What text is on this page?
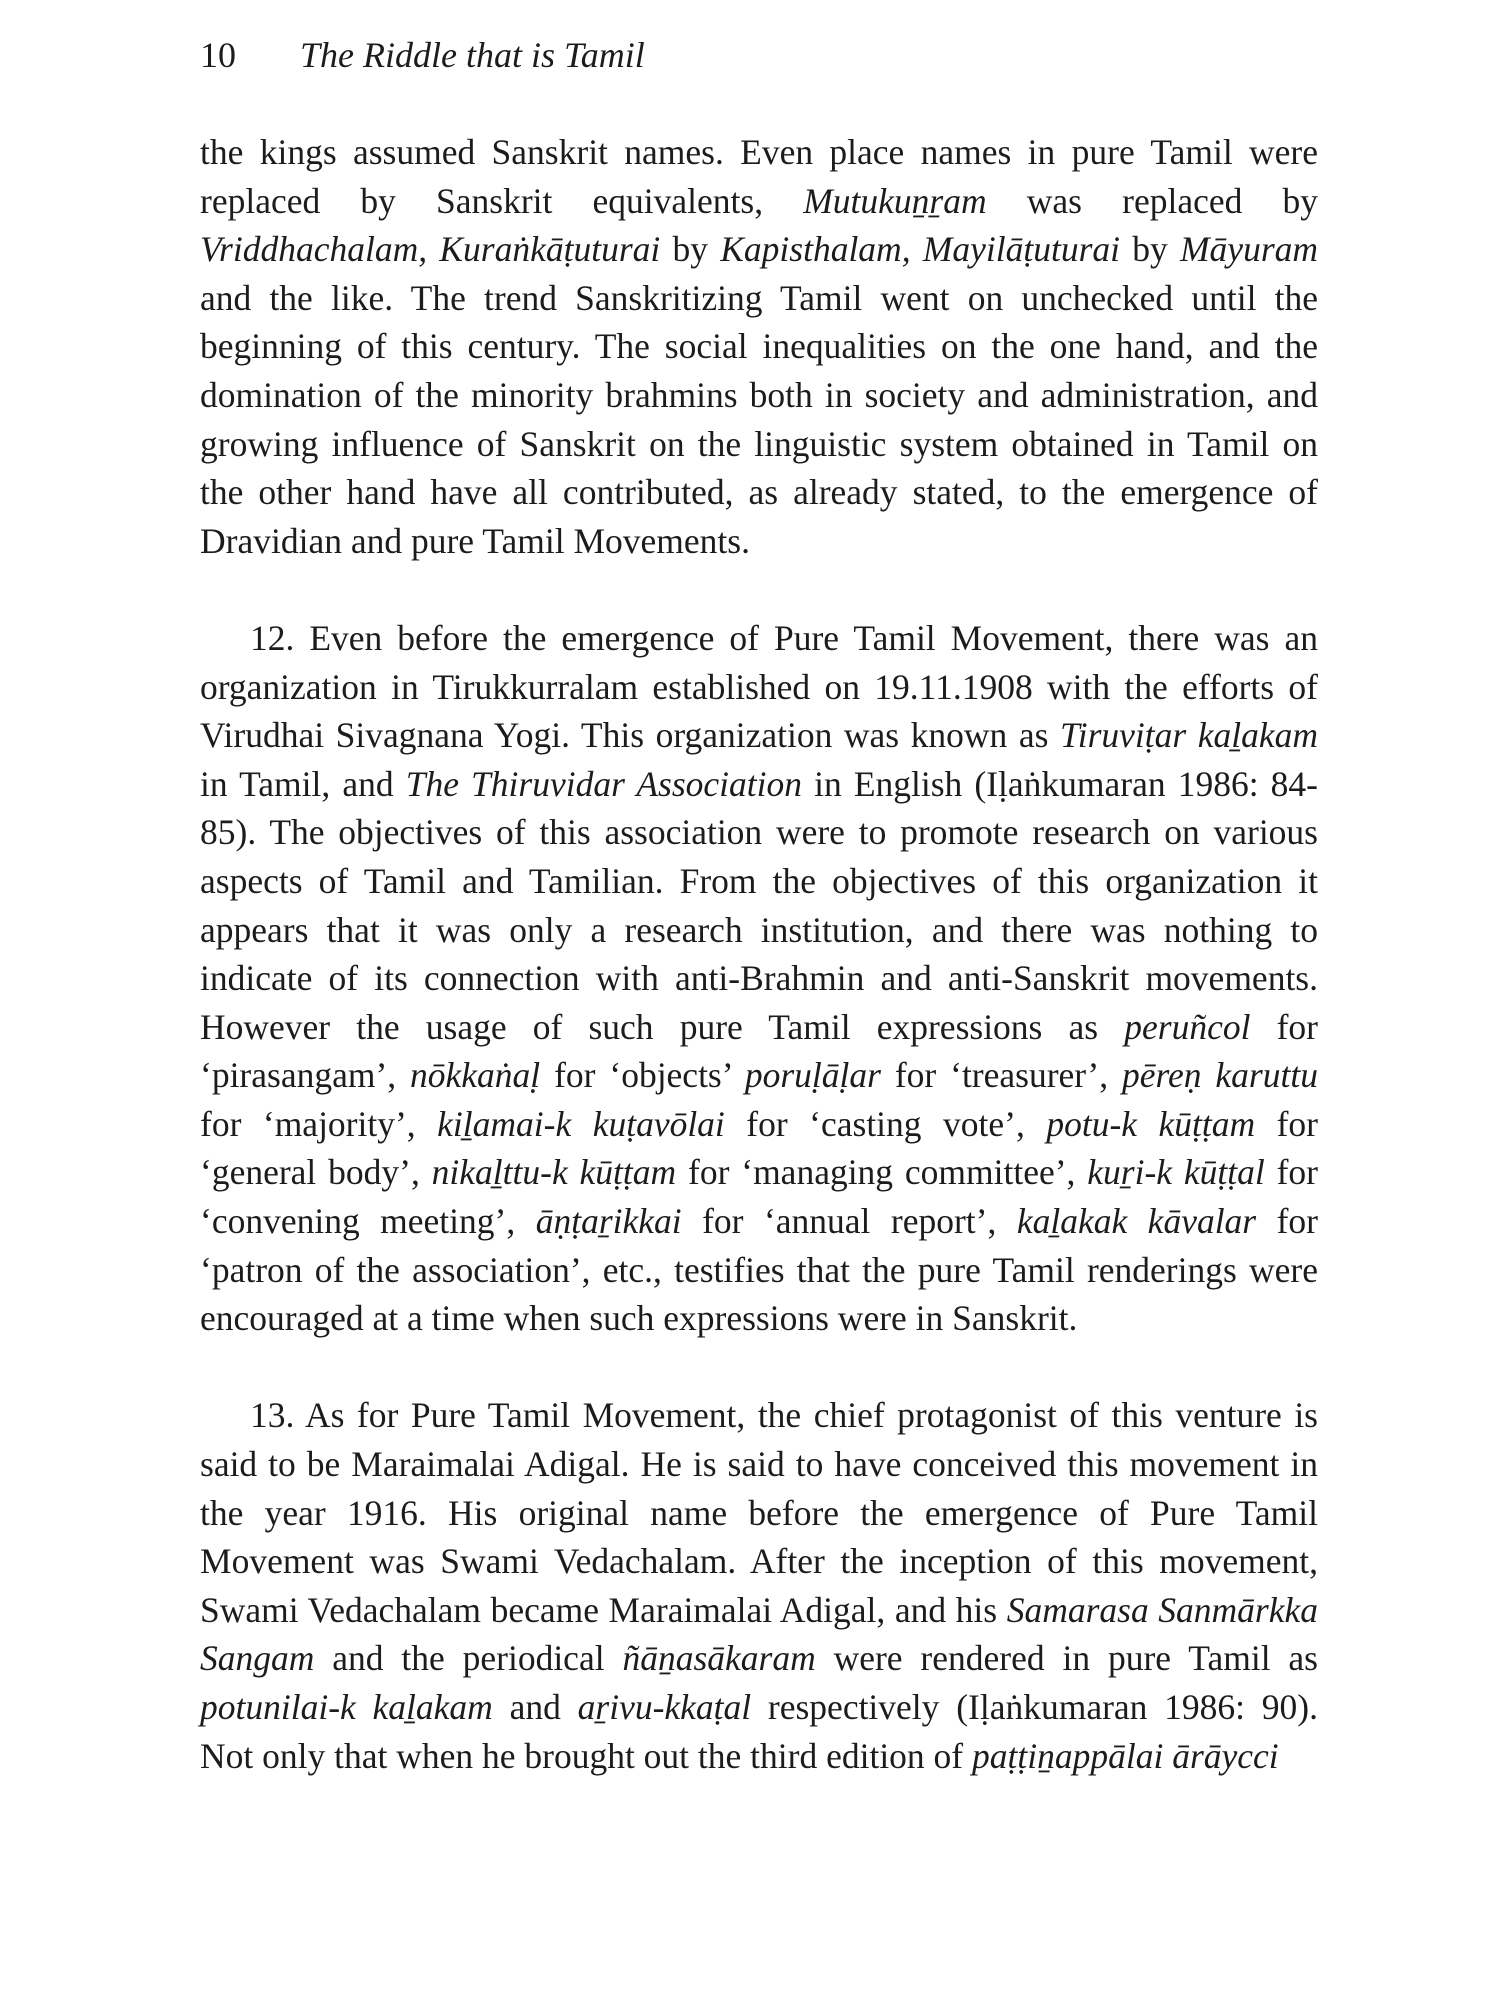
10 The Riddle that is Tamil

the kings assumed Sanskrit names. Even place names in pure Tamil were replaced by Sanskrit equivalents, Mutukuṉṟam was replaced by Vriddhachalam, Kuraṅkāṭuturai by Kapisthalam, Mayilāṭuturai by Māyuram and the like. The trend Sanskritizing Tamil went on unchecked until the beginning of this century. The social inequalities on the one hand, and the domination of the minority brahmins both in society and administration, and growing influence of Sanskrit on the linguistic system obtained in Tamil on the other hand have all contributed, as already stated, to the emergence of Dravidian and pure Tamil Movements.

12. Even before the emergence of Pure Tamil Movement, there was an organization in Tirukkurralam established on 19.11.1908 with the efforts of Virudhai Sivagnana Yogi. This organization was known as Tiruviṭar kaḻakam in Tamil, and The Thiruvidar Association in English (Iḷaṅkumaran 1986: 84-85). The objectives of this association were to promote research on various aspects of Tamil and Tamilian. From the objectives of this organization it appears that it was only a research institution, and there was nothing to indicate of its connection with anti-Brahmin and anti-Sanskrit movements. However the usage of such pure Tamil expressions as peruñcol for ‘pirasangam’, nōkkaṅaḷ for ‘objects’ poruḷāḷar for ‘treasurer’, pēreṇ karuttu for ‘majority’, kiḻamai-k kuṭavōlai for ‘casting vote’, potu-k kūṭṭam for ‘general body’, nikaḻttu-k kūṭṭam for ‘managing committee’, kuṟi-k kūṭṭal for ‘convening meeting’, āṇṭaṟikkai for ‘annual report’, kaḻakak kāvalar for ‘patron of the association’, etc., testifies that the pure Tamil renderings were encouraged at a time when such expressions were in Sanskrit.

13. As for Pure Tamil Movement, the chief protagonist of this venture is said to be Maraimalai Adigal. He is said to have conceived this movement in the year 1916. His original name before the emergence of Pure Tamil Movement was Swami Vedachalam. After the inception of this movement, Swami Vedachalam became Maraimalai Adigal, and his Samarasa Sanmārkka Sangam and the periodical ñāṉasākaram were rendered in pure Tamil as potunilai-k kaḻakam and aṟivu-kkaṭal respectively (Iḷaṅkumaran 1986: 90). Not only that when he brought out the third edition of paṭṭiṉappālai ārāycci
